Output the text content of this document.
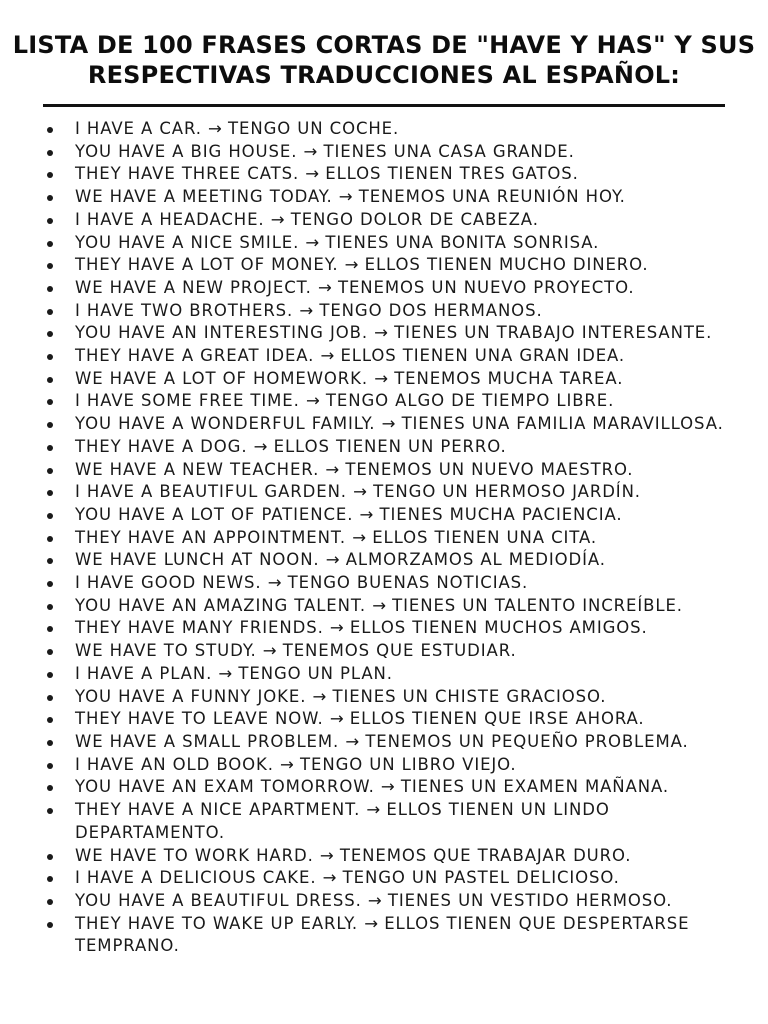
LISTA DE 100 FRASES CORTAS DE "HAVE Y HAS" Y SUS
RESPECTIVAS TRADUCCIONES AL ESPAÑOL:
I HAVE A CAR. → TENGO UN COCHE.
YOU HAVE A BIG HOUSE. → TIENES UNA CASA GRANDE.
THEY HAVE THREE CATS. → ELLOS TIENEN TRES GATOS.
WE HAVE A MEETING TODAY. → TENEMOS UNA REUNIÓN HOY.
I HAVE A HEADACHE. → TENGO DOLOR DE CABEZA.
YOU HAVE A NICE SMILE. → TIENES UNA BONITA SONRISA.
THEY HAVE A LOT OF MONEY. → ELLOS TIENEN MUCHO DINERO.
WE HAVE A NEW PROJECT. → TENEMOS UN NUEVO PROYECTO.
I HAVE TWO BROTHERS. → TENGO DOS HERMANOS.
YOU HAVE AN INTERESTING JOB. → TIENES UN TRABAJO INTERESANTE.
THEY HAVE A GREAT IDEA. → ELLOS TIENEN UNA GRAN IDEA.
WE HAVE A LOT OF HOMEWORK. → TENEMOS MUCHA TAREA.
I HAVE SOME FREE TIME. → TENGO ALGO DE TIEMPO LIBRE.
YOU HAVE A WONDERFUL FAMILY. → TIENES UNA FAMILIA MARAVILLOSA.
THEY HAVE A DOG. → ELLOS TIENEN UN PERRO.
WE HAVE A NEW TEACHER. → TENEMOS UN NUEVO MAESTRO.
I HAVE A BEAUTIFUL GARDEN. → TENGO UN HERMOSO JARDÍN.
YOU HAVE A LOT OF PATIENCE. → TIENES MUCHA PACIENCIA.
THEY HAVE AN APPOINTMENT. → ELLOS TIENEN UNA CITA.
WE HAVE LUNCH AT NOON. → ALMORZAMOS AL MEDIODÍA.
I HAVE GOOD NEWS. → TENGO BUENAS NOTICIAS.
YOU HAVE AN AMAZING TALENT. → TIENES UN TALENTO INCREÍBLE.
THEY HAVE MANY FRIENDS. → ELLOS TIENEN MUCHOS AMIGOS.
WE HAVE TO STUDY. → TENEMOS QUE ESTUDIAR.
I HAVE A PLAN. → TENGO UN PLAN.
YOU HAVE A FUNNY JOKE. → TIENES UN CHISTE GRACIOSO.
THEY HAVE TO LEAVE NOW. → ELLOS TIENEN QUE IRSE AHORA.
WE HAVE A SMALL PROBLEM. → TENEMOS UN PEQUEÑO PROBLEMA.
I HAVE AN OLD BOOK. → TENGO UN LIBRO VIEJO.
YOU HAVE AN EXAM TOMORROW. → TIENES UN EXAMEN MAÑANA.
THEY HAVE A NICE APARTMENT. → ELLOS TIENEN UN LINDO DEPARTAMENTO.
WE HAVE TO WORK HARD. → TENEMOS QUE TRABAJAR DURO.
I HAVE A DELICIOUS CAKE. → TENGO UN PASTEL DELICIOSO.
YOU HAVE A BEAUTIFUL DRESS. → TIENES UN VESTIDO HERMOSO.
THEY HAVE TO WAKE UP EARLY. → ELLOS TIENEN QUE DESPERTARSE TEMPRANO.
